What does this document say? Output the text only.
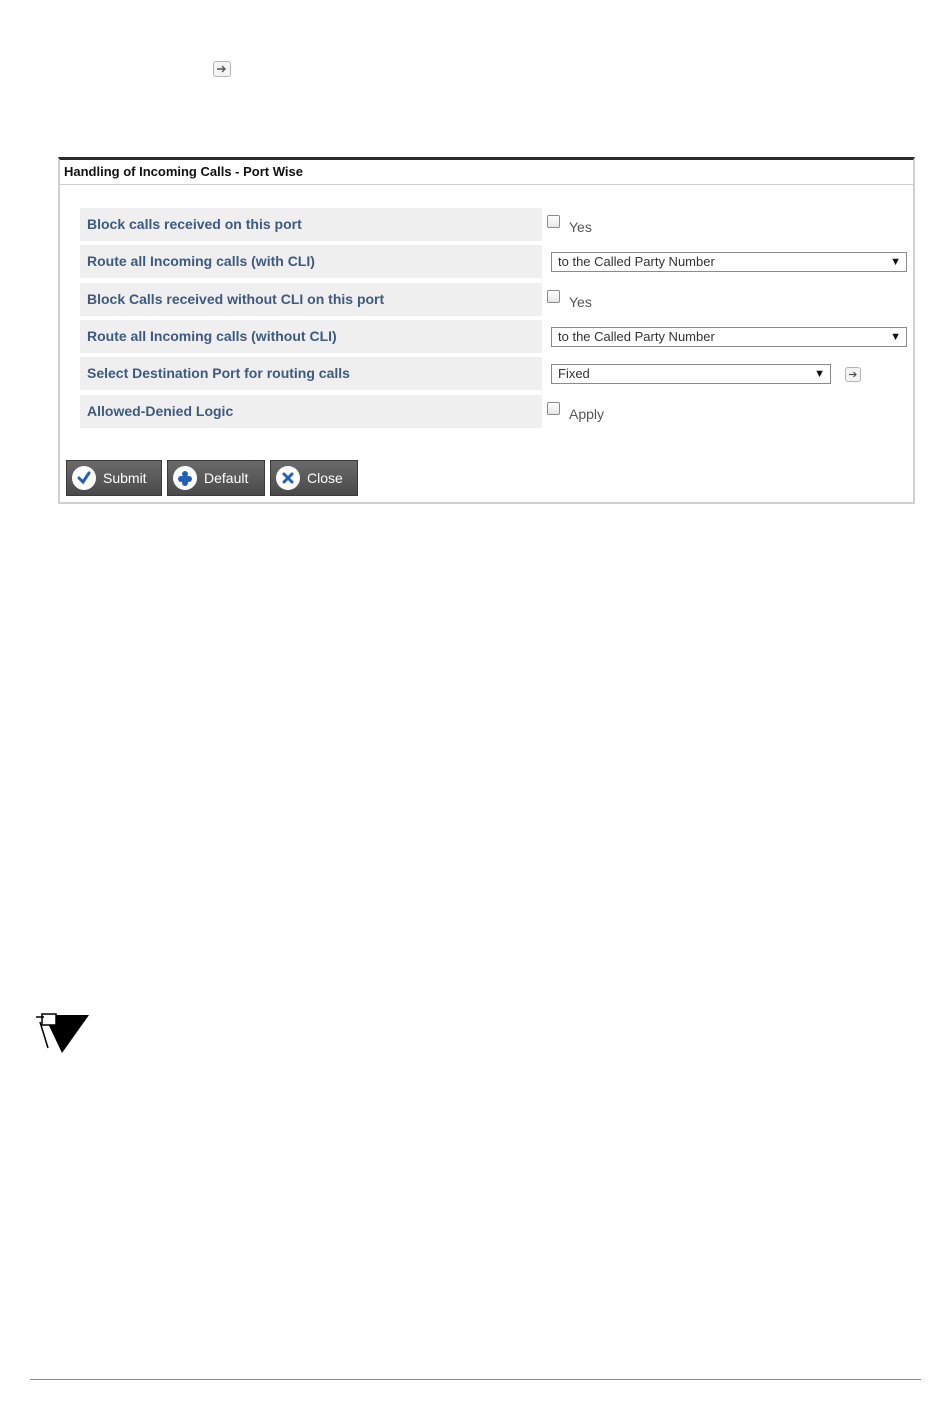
Handling of Incoming Calls - Port Wise
Block calls received on this port	Yes
Route all Incoming calls (with CLI)	to the Called Party Number	▼
Block Calls received without CLI on this port	Yes
Route all Incoming calls (without CLI)	to the Called Party Number	▼
Select Destination Port for routing calls	Fixed	▼
Allowed-Denied Logic	Apply
Submit	Default	Close
